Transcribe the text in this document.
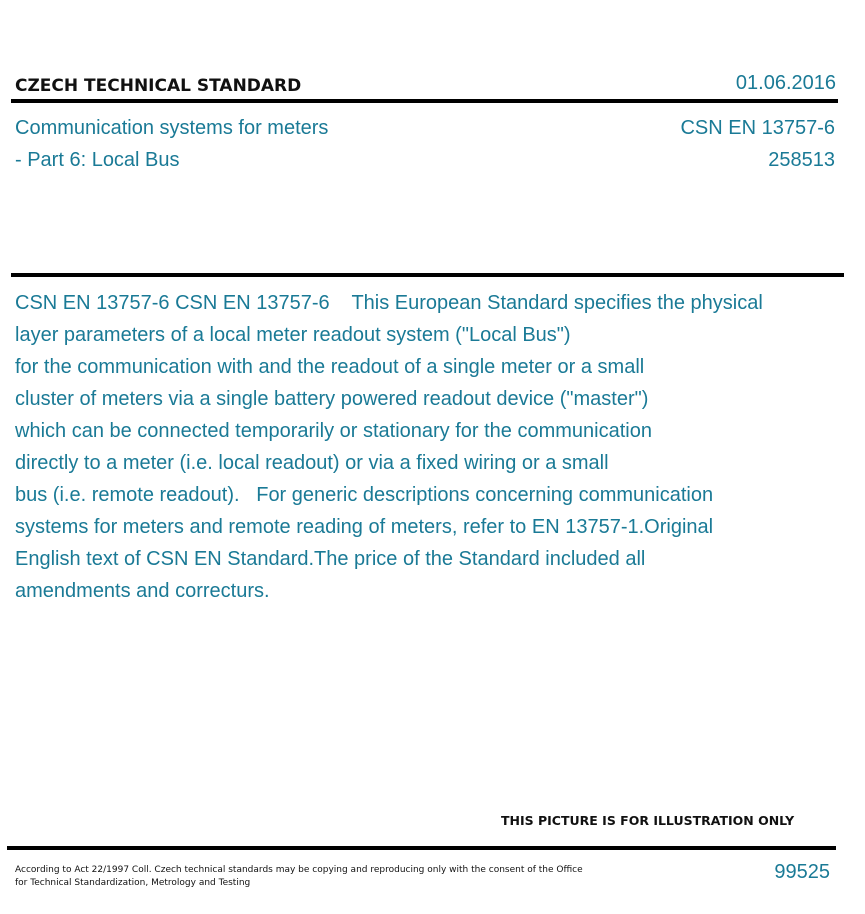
CZECH TECHNICAL STANDARD	01.06.2016
Communication systems for meters
- Part 6: Local Bus
CSN EN 13757-6
258513
CSN EN 13757-6 CSN EN 13757-6    This European Standard specifies the physical
layer parameters of a local meter readout system ("Local Bus")
for the communication with and the readout of a single meter or a small
cluster of meters via a single battery powered readout device ("master")
which can be connected temporarily or stationary for the communication
directly to a meter (i.e. local readout) or via a fixed wiring or a small
bus (i.e. remote readout).   For generic descriptions concerning communication
systems for meters and remote reading of meters, refer to EN 13757-1.Original
English text of CSN EN Standard.The price of the Standard included all
amendments and correcturs.
THIS PICTURE IS FOR ILLUSTRATION ONLY
According to Act 22/1997 Coll. Czech technical standards may be copying and reproducing only with the consent of the Office
for Technical Standardization, Metrology and Testing	99525
